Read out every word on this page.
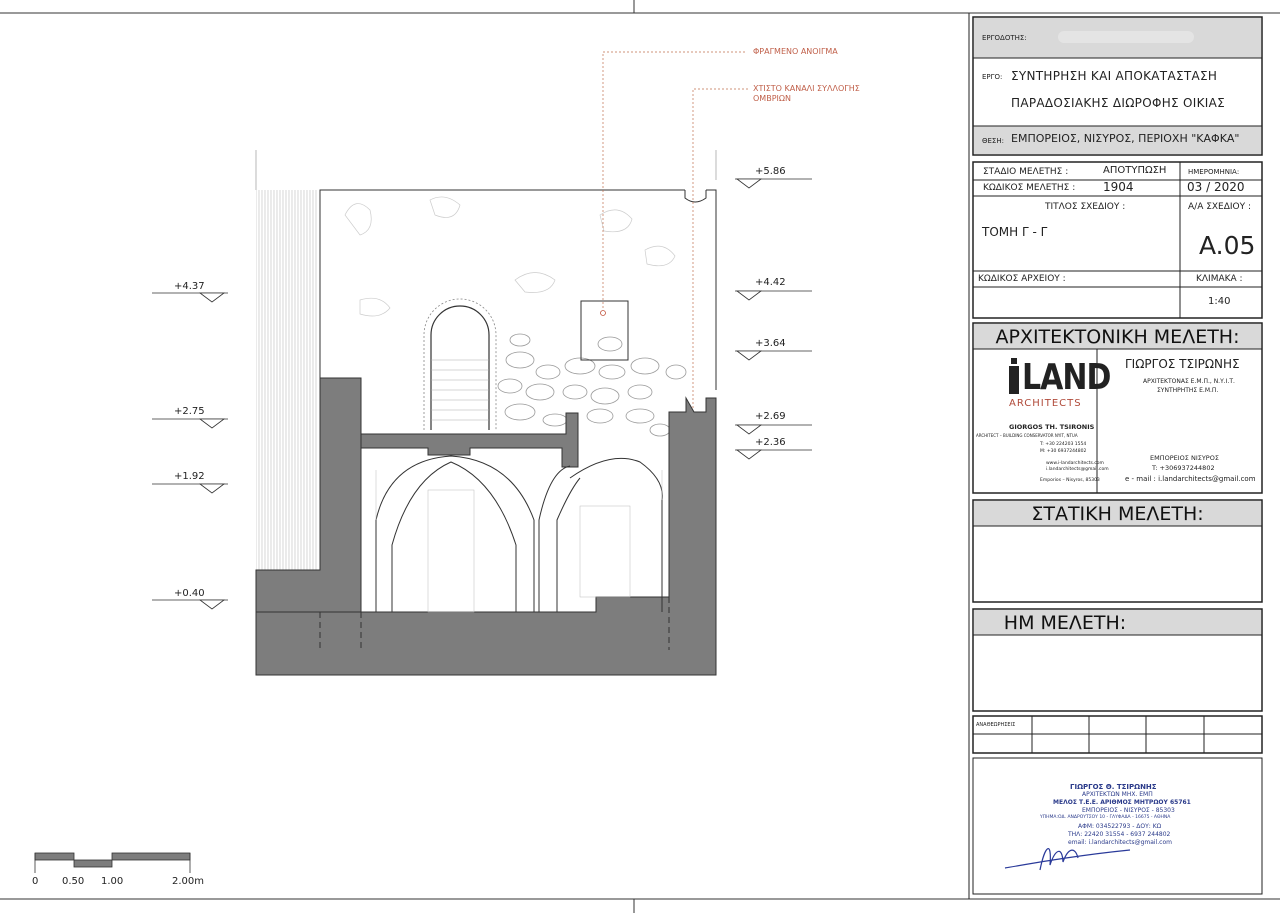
ΦΡΑΓΜΕΝΟ ΑΝΟΙΓΜΑ
ΧΤΙΣΤΟ ΚΑΝΑΛΙ ΣΥΛΛΟΓΗΣ
ΟΜΒΡΙΩΝ
+4.37
+2.75
+1.92
+0.40
+5.86
+4.42
+3.64
+2.69
+2.36
0 0.50 1.00	2.00m
ΕΡΓΟΔΟΤΗΣ:
ΕΡΓΟ: ΣΥΝΤΗΡΗΣΗ ΚΑΙ ΑΠΟΚΑΤΑΣΤΑΣΗ
ΠΑΡΑΔΟΣΙΑΚΗΣ ΔΙΩΡΟΦΗΣ ΟΙΚΙΑΣ
ΘΕΣΗ: ΕΜΠΟΡΕΙΟΣ, ΝΙΣΥΡΟΣ, ΠΕΡΙΟΧΗ "ΚΑΦΚΑ"
ΣΤΑΔΙΟ ΜΕΛΕΤΗΣ :	ΑΠΟΤΥΠΩΣΗ	ΗΜΕΡΟΜΗΝΙΑ:
ΚΩΔΙΚΟΣ ΜΕΛΕΤΗΣ : 1904	03 / 2020
ΤΙΤΛΟΣ ΣΧΕΔΙΟΥ :	Α/Α ΣΧΕΔΙΟΥ :
ΤΟΜΗ Γ - Γ	A.05
ΚΩΔΙΚΟΣ ΑΡΧΕΙΟΥ :	ΚΛΙΜΑΚΑ :
1:40
ΑΡΧΙΤΕΚΤΟΝΙΚΗ ΜΕΛΕΤΗ:
LAND
ARCHITECTS
GIORGOS TH. TSIRONIS
ARCHITECT – BUILDING CONSERVATOR NYIT, NTUA
T: +30 224203 1554
M: +30 6937244802
www.i-landarchitects.com
i.landarchitects@gmail.com
Emporios – Nisyros, 85303
ΓΙΩΡΓΟΣ ΤΣΙΡΩΝΗΣ
ΑΡΧΙΤΕΚΤΟΝΑΣ Ε.Μ.Π., Ν.Υ.Ι.Τ.
ΣΥΝΤΗΡΗΤΗΣ Ε.Μ.Π.
ΕΜΠΟΡΕΙΟΣ ΝΙΣΥΡΟΣ
T: +306937244802
e - mail : i.landarchitects@gmail.com
ΣΤΑΤΙΚΗ ΜΕΛΕΤΗ:
ΗΜ ΜΕΛΕΤΗ:
ΑΝΑΘΕΩΡΗΣΕΙΣ
ΓΙΩΡΓΟΣ Θ. ΤΣΙΡΩΝΗΣ
ΑΡΧΙΤΕΚΤΩΝ ΜΗΧ. ΕΜΠ
ΜΕΛΟΣ Τ.Ε.Ε. ΑΡΙΘΜΟΣ ΜΗΤΡΩΟΥ 65761
ΕΜΠΟΡΕΙΟΣ - ΝΙΣΥΡΟΣ - 85303
ΥΠΗΜΑ:ΟΔ. ΑΝΔΡΟΥΤΣΟΥ 10 - ΓΛΥΦΑΔΑ - 16675 - ΑΘΗΝΑ
ΑΦΜ: 034522793 - ΔΟΥ: ΚΩ
ΤΗΛ: 22420 31554 - 6937 244802
email: i.landarchitects@gmail.com
